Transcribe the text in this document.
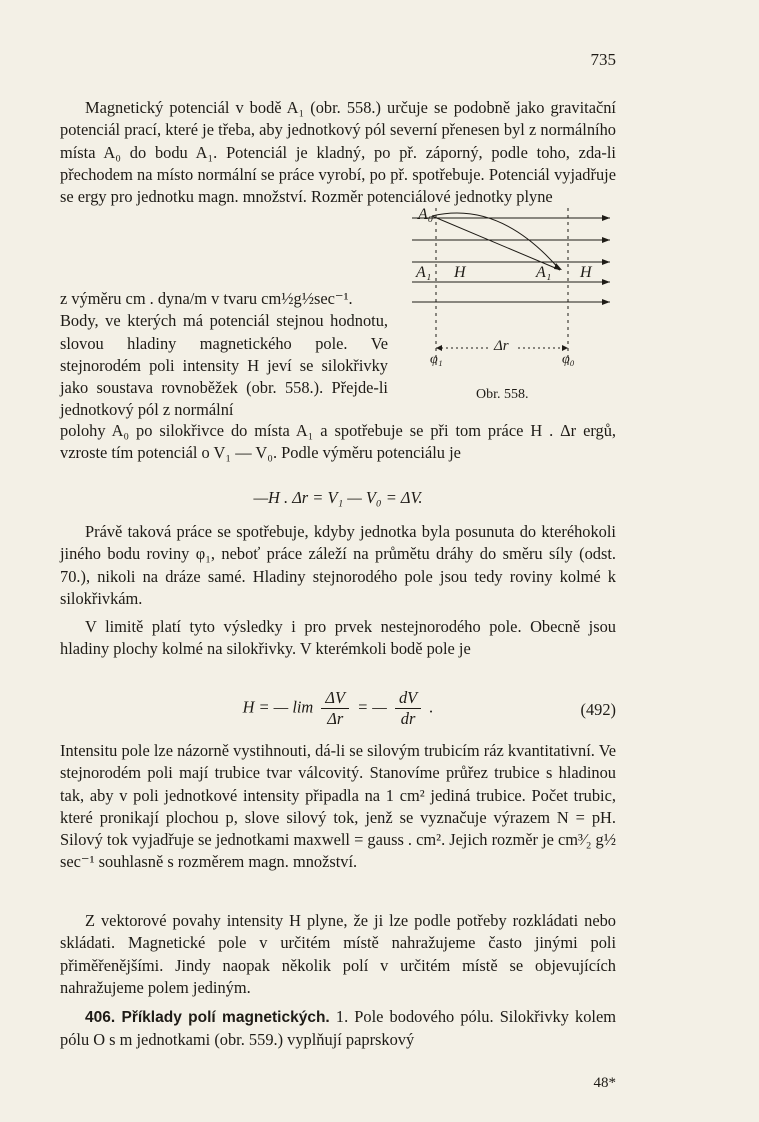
735

Magnetický potenciál v bodě A₁ (obr. 558.) určuje se podobně jako gravitační potenciál prací, které je třeba, aby jednotkový pól severní přenesen byl z normálního místa A₀ do bodu A₁. Potenciál je kladný, po př. záporný, podle toho, zda-li přechodem na místo normální se práce vyrobí, po př. spotřebuje. Potenciál vyjadřuje se ergy pro jednotku magn. množství. Rozměr potenciálové jednotky plyne

z výměru cm . dyna/m v tvaru cm½g½sec⁻¹.

Body, ve kterých má potenciál stejnou hodnotu, slovou hladiny magnetického pole. Ve stejnorodém poli intensity H jeví se silokřivky jako soustava rovnoběžek (obr. 558.). Přejde-li jednotkový pól z normální

A₀
A₁ H	A₁ H
Δr
φ₁	φ₀
Obr. 558.

polohy A₀ po silokřivce do místa A₁ a spotřebuje se při tom práce H . Δr ergů, vzroste tím potenciál o V₁ — V₀. Podle výměru potenciálu je

—H . Δr = V₁ — V₀ = ΔV.

Právě taková práce se spotřebuje, kdyby jednotka byla posunuta do kteréhokoli jiného bodu roviny φ₁, neboť práce záleží na průmětu dráhy do směru síly (odst. 70.), nikoli na dráze samé. Hladiny stejnorodého pole jsou tedy roviny kolmé k silokřivkám.

V limitě platí tyto výsledky i pro prvek nestejnorodého pole. Obecně jsou hladiny plochy kolmé na silokřivky. V kterémkoli bodě pole je

H = — $\lim \frac{\Delta V}{\Delta r}$ = — $\frac{dV}{dr}$ .	(492)

Intensitu pole lze názorně vystihnouti, dá-li se silovým trubicím ráz kvantitativní. Ve stejnorodém poli mají trubice tvar válcovitý. Stanovíme průřez trubice s hladinou tak, aby v poli jednotkové intensity připadla na 1 cm² jediná trubice. Počet trubic, které pronikají plochou p, slove silový tok, jenž se vyznačuje výrazem N = pH. Silový tok vyjadřuje se jednotkami maxwell = gauss . cm². Jejich rozměr je cm³⁄₂ g½ sec⁻¹ souhlasně s rozměrem magn. množství.

Z vektorové povahy intensity H plyne, že ji lze podle potřeby rozkládati nebo skládati. Magnetické pole v určitém místě nahražujeme často jinými poli přiměřenějšími. Jindy naopak několik polí v určitém místě se objevujících nahražujeme polem jediným.

406. Příklady polí magnetických. 1. Pole bodového pólu. Silokřivky kolem pólu O s m jednotkami (obr. 559.) vyplňují paprskový

48*
